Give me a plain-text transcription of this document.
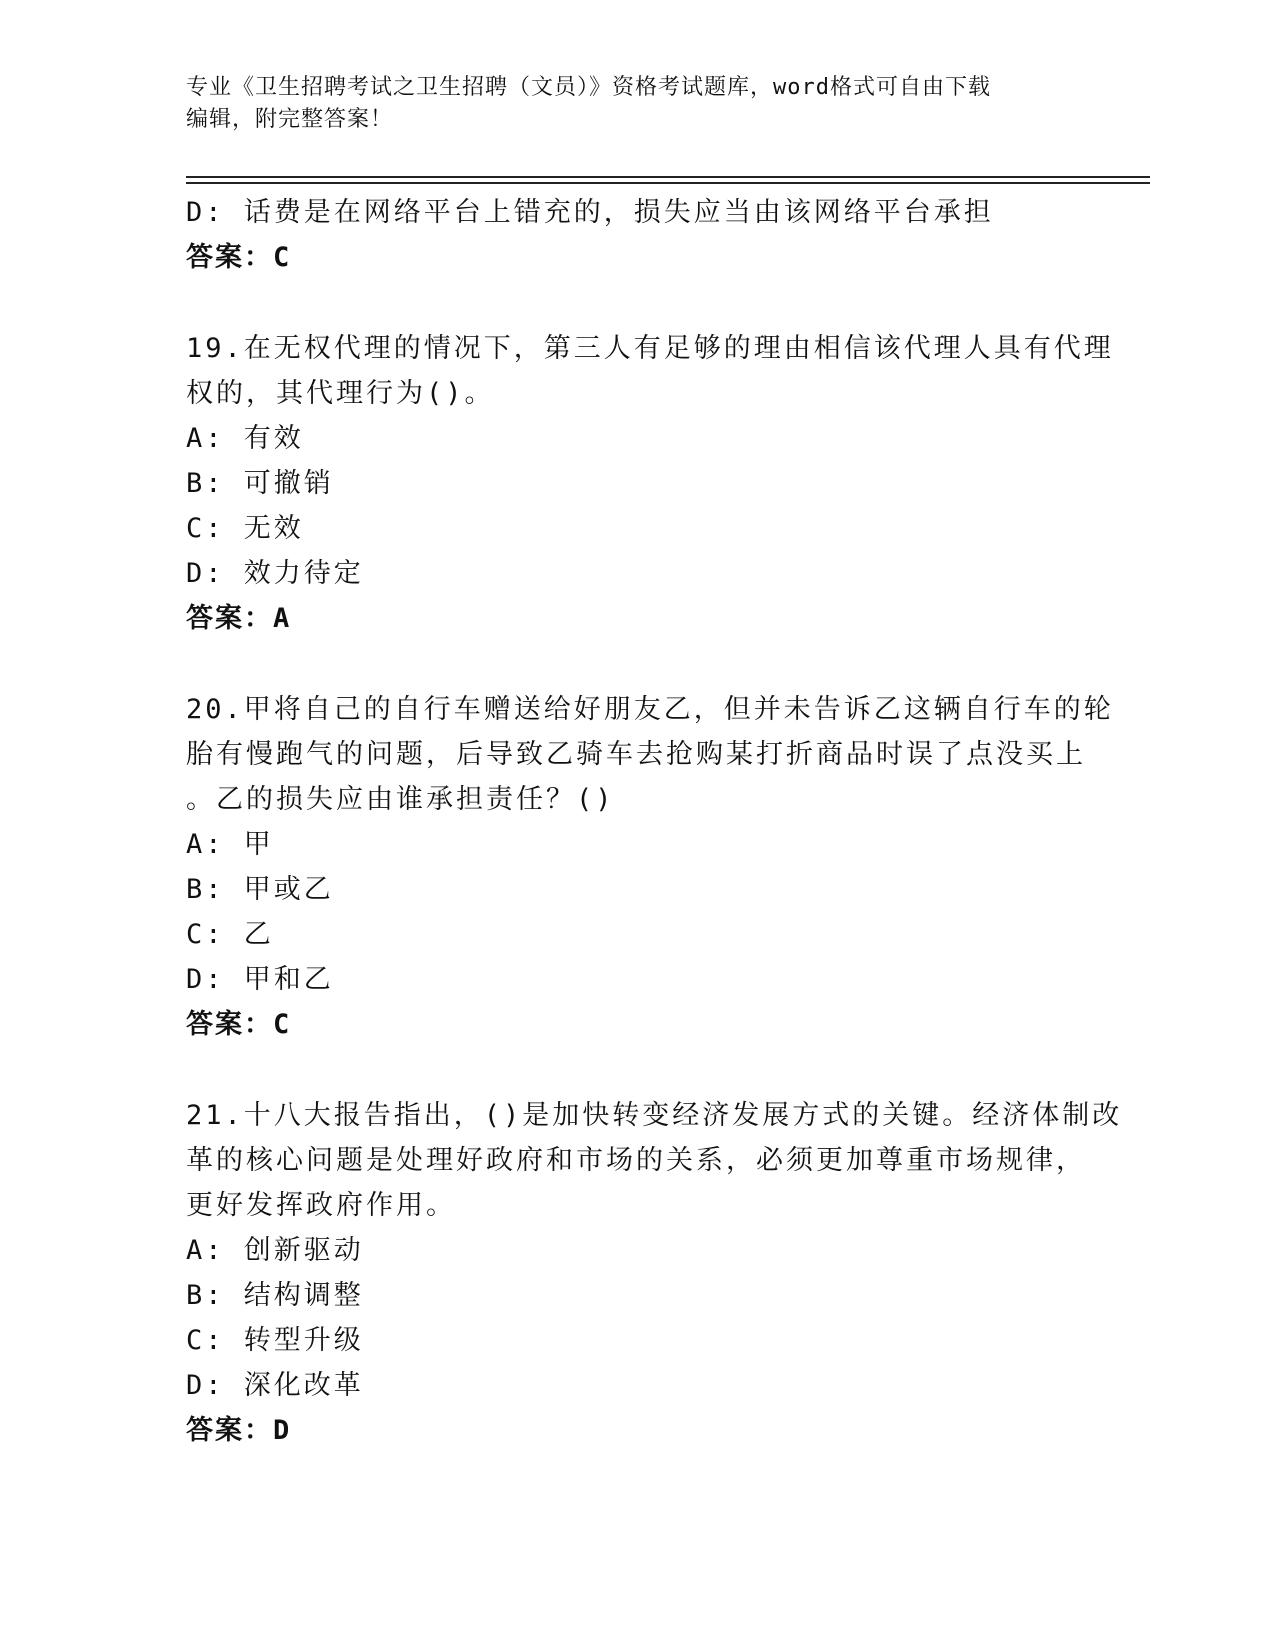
专业《卫生招聘考试之卫生招聘（文员）》资格考试题库，word格式可自由下载
编辑，附完整答案！
D: 话费是在网络平台上错充的，损失应当由该网络平台承担
答案：C
19.在无权代理的情况下，第三人有足够的理由相信该代理人具有代理
权的，其代理行为()。
A: 有效
B: 可撤销
C: 无效
D: 效力待定
答案：A
20.甲将自己的自行车赠送给好朋友乙，但并未告诉乙这辆自行车的轮
胎有慢跑气的问题，后导致乙骑车去抢购某打折商品时误了点没买上
。乙的损失应由谁承担责任？()
A: 甲
B: 甲或乙
C: 乙
D: 甲和乙
答案：C
21.十八大报告指出，()是加快转变经济发展方式的关键。经济体制改
革的核心问题是处理好政府和市场的关系，必须更加尊重市场规律，
更好发挥政府作用。
A: 创新驱动
B: 结构调整
C: 转型升级
D: 深化改革
答案：D
